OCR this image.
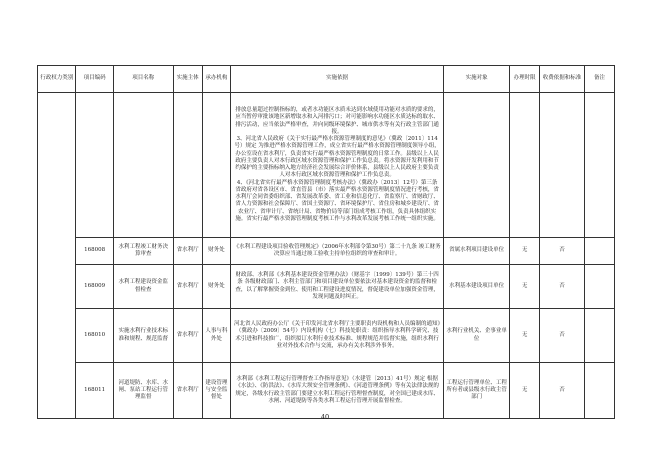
行政权力类别	项目编码	项目名称	实施主体	承办机构	实施依据	实施对象	办理时限	收费依据和标准	备注

					排放总量超过控制指标的，或者水功能区水质未达到水域使用功能对水质的要求的，应当暂停审批该地区新增取水和入河排污口；对可能影响水功能区水质达标的取水、排污活动，应当依法严格审查，并向同级环境保护、城市供水等有关行政主管部门通报。

3、河北省人民政府《关于实行最严格水资源管理制度的意见》（冀政〔2011〕114号）规定 为推进严格水资源管理工作，成立省实行最严格水资源管理制度领导小组，办公室设在省水利厅，负责省实行最严格水资源管理制度的日常工作。县级以上人民政府主要负责人对本行政区域水资源管理和保护工作负总责。将水资源开发利用和节约保护的主要指标纳入地方经济社会发展综合评价体系，县级以上人民政府主要负责人对本行政区域水资源管理和保护工作负总责。

4、《河北省实行最严格水资源管理制度考核办法》（冀政办〔2013〕12号）第三条 省政府对省各设区市、省直管县（市）落实最严格水资源管理制度情况进行考核，省水利厅会同省委组织部、省发展改革委、省工业和信息化厅、省监察厅、省财政厅、省人力资源和社会保障厅、省国土资源厅、省环境保护厅、省住房和城乡建设厅、省农业厅、省审计厅、省统计局、省物价局等部门组成考核工作组，负责具体组织实施。省实行最严格水资源管理制度考核工作与水利改革发展考核工作统一组织实施。				

	168008	水利工程竣工财务决算审查	省水利厅	财务处	《水利工程建设项目验收管理规定》（2006年水利部令第30号）第二十九条 竣工财务决算应当通过竣工验收主持单位组织的审查和审计。	省属水利项目建设单位	无	否	
	168009	水利工程建设资金监督检查	省水利厅	财务处	财政部、水利部《水利基本建设资金管理办法》（财基字〔1999〕139号）第三十四条 各级财政部门、水利主管部门和项目建设单位要依法对基本建设资金的监督和检查，以了解掌握资金到位、使用和工程建设进度情况，督促建设单位加强资金管理，发现问题及时纠正。	水利基本建设项目单位	无	否	
	168010	实施水利行业技术标准和规程、规范监督	省水利厅	人事与科外处	河北省人民政府办公厅《关于印发河北省水利厅主要职责内设机构和人员编制的通知》（冀政办〔2009〕54号）内设机构（七）科技处职责：组织指导水利科学研究、技术引进和科技推广，组织拟订水利行业技术标准、规程规范并监督实施，组织水利行业对外技术合作与交流，承办有关水利涉外事务。	水利行业机关、企事业单位	无	否	
	168011	河道堤防、水库、水闸、泵站工程运行管理监督	省水利厅	建设管理与安全监督处	水利部《水利工程运行管理督查工作指导意见》（水建管〔2013〕41号）规定 根据《水法》、《防洪法》、《水库大坝安全管理条例》、《河道管理条例》等有关法律法规的规定，各级水行政主管部门要建立水利工程运行管理督查制度，对全国已建成水库、水闸、河道堤防等各类水利工程运行管理开展监督检查。	工程运行管理单位、工程所有者或县级水行政主管部门	无	否	
40
